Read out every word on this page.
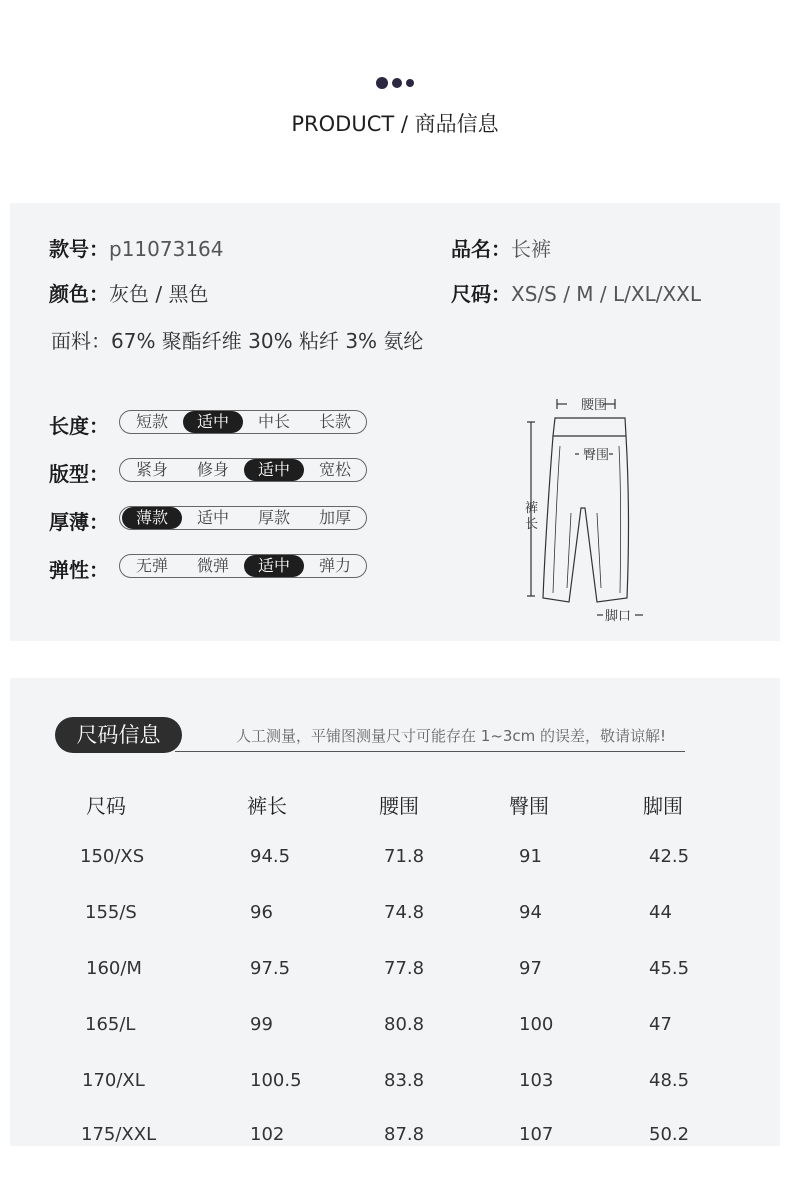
PRODUCT / 商品信息
款号：p11073164	品名：长裤
颜色：灰色 / 黑色	尺码：XS/S / M / L/XL/XXL
面料：67% 聚酯纤维 30% 粘纤 3% 氨纶
长度：	短款	适中	中长	长款
版型：	紧身	修身	适中	宽松
厚薄：	薄款	适中	厚款	加厚
弹性：	无弹	微弹	适中	弹力
腰围
臀围
裤
长
脚口
尺码信息	人工测量，平铺图测量尺寸可能存在 1~3cm 的误差，敬请谅解!
尺码	裤长	腰围	臀围	脚围
150/XS	94.5	71.8	91	42.5
155/S	96	74.8	94	44
160/M	97.5	77.8	97	45.5
165/L	99	80.8	100	47
170/XL	100.5	83.8	103	48.5
175/XXL	102	87.8	107	50.2
